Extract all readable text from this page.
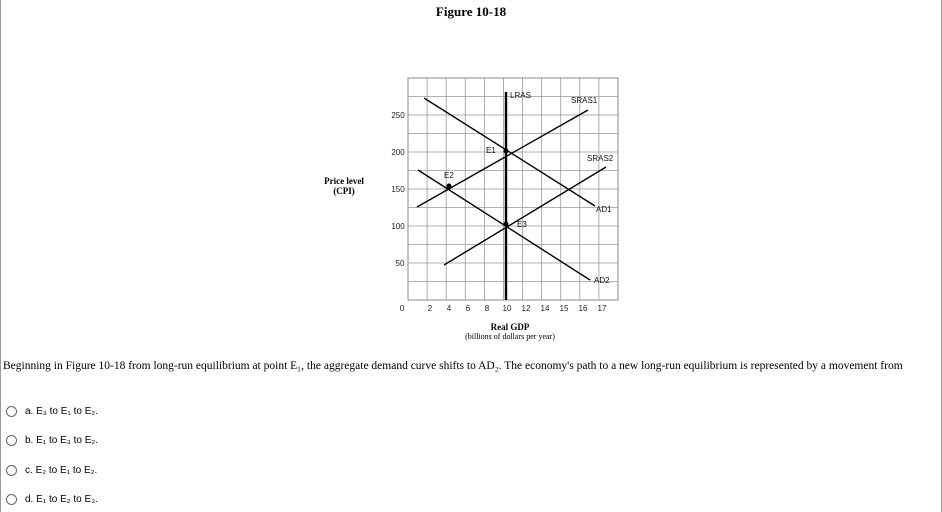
Figure 10-18
Price level
(CPI)
Real GDP
(billions of dollars per year)
250
200
150
100
50
0	2 4 6 8 10 12 14 15 16 17
LRAS
SRAS1
SRAS2
AD1
AD2
E1
E2
E3
Beginning in Figure 10-18 from long-run equilibrium at point E₁, the aggregate demand curve shifts to AD₂. The economy's path to a new long-run equilibrium is represented by a movement from
a.
E₃ to E₁ to E₂.
b.
E₁ to E₃ to E₂.
c.
E₂ to E₁ to E₂.
d.
E₁ to E₂ to E₃.
